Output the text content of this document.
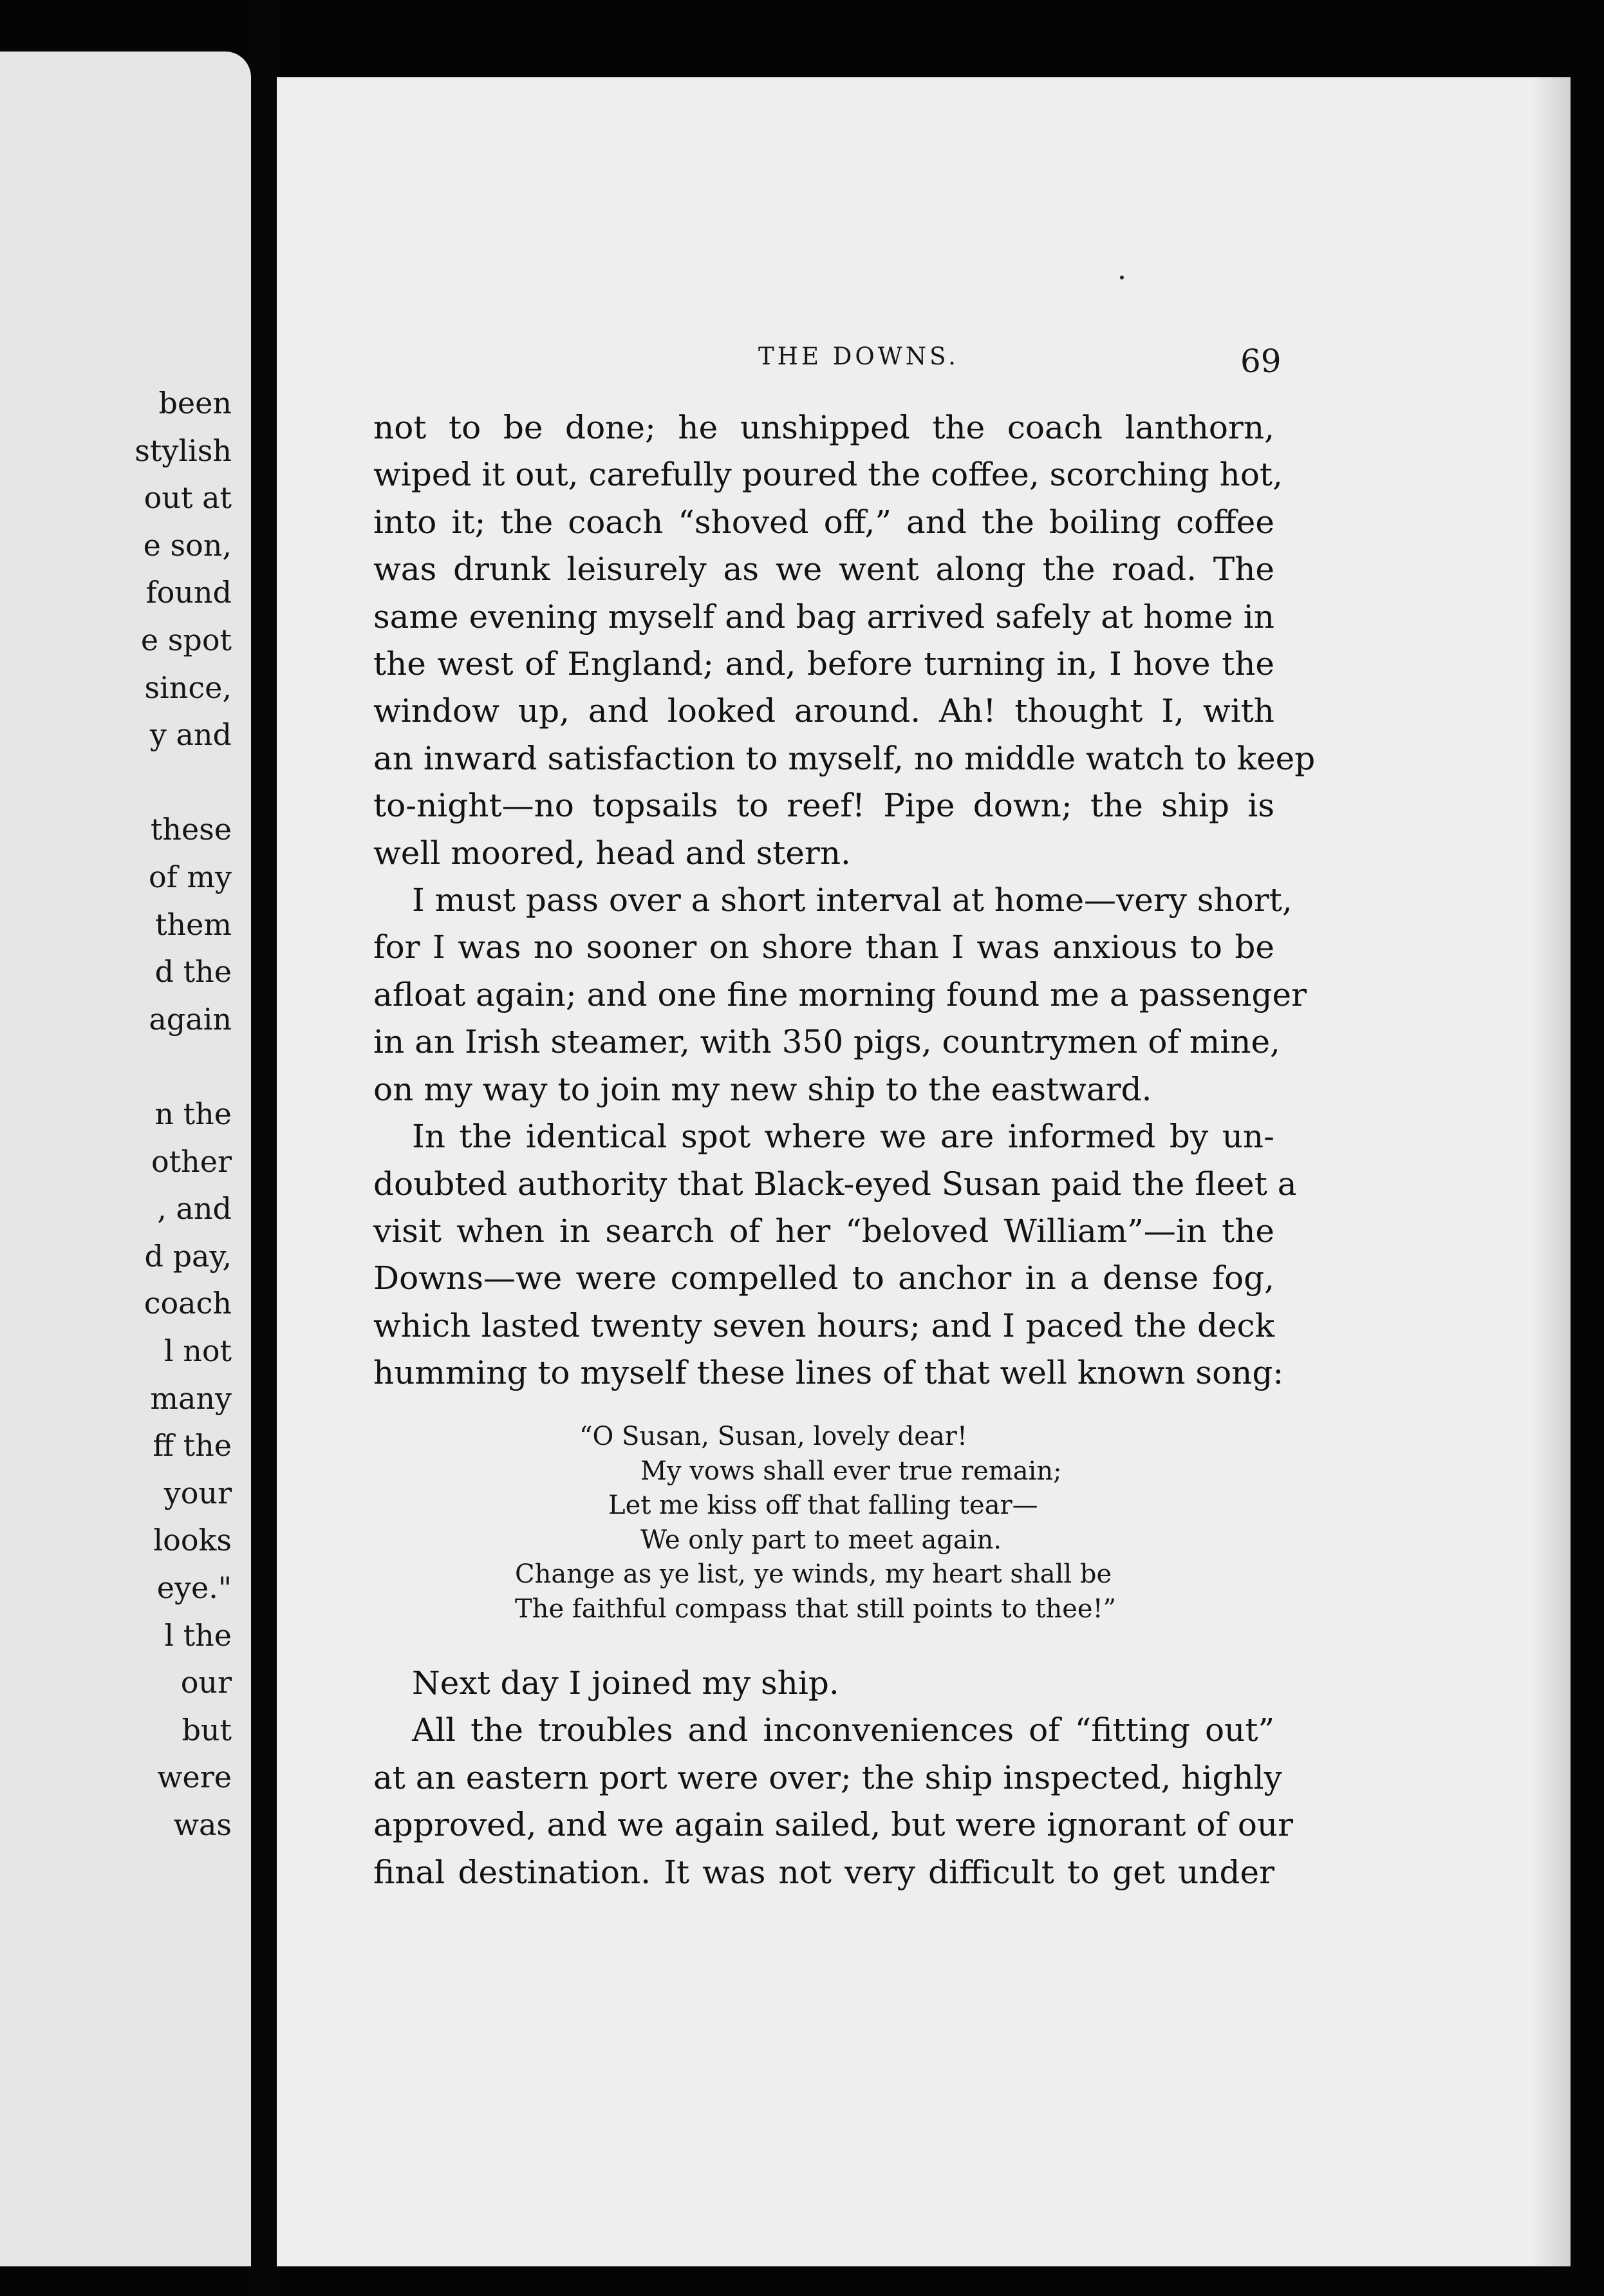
been
stylish
out at
e son,
found
e spot
since,
y and
these
of my
them
d the
again
n the
other
, and
d pay,
coach
l not
many
ff the
your
looks
eye."
l the
our
but
were
was
THE DOWNS.	69
not to be done; he unshipped the coach lanthorn,
wiped it out, carefully poured the coffee, scorching hot,
into it; the coach “shoved off,” and the boiling coffee
was drunk leisurely as we went along the road. The
same evening myself and bag arrived safely at home in
the west of England; and, before turning in, I hove the
window up, and looked around. Ah! thought I, with
an inward satisfaction to myself, no middle watch to keep
to-night—no topsails to reef! Pipe down; the ship is
well moored, head and stern.
I must pass over a short interval at home—very short,
for I was no sooner on shore than I was anxious to be
afloat again; and one fine morning found me a passenger
in an Irish steamer, with 350 pigs, countrymen of mine,
on my way to join my new ship to the eastward.
In the identical spot where we are informed by un-
doubted authority that Black-eyed Susan paid the fleet a
visit when in search of her “beloved William”—in the
Downs—we were compelled to anchor in a dense fog,
which lasted twenty seven hours; and I paced the deck
humming to myself these lines of that well known song:
“O Susan, Susan, lovely dear!
My vows shall ever true remain;
Let me kiss off that falling tear—
We only part to meet again.
Change as ye list, ye winds, my heart shall be
The faithful compass that still points to thee!”
Next day I joined my ship.
All the troubles and inconveniences of “fitting out”
at an eastern port were over; the ship inspected, highly
approved, and we again sailed, but were ignorant of our
final destination. It was not very difficult to get under
